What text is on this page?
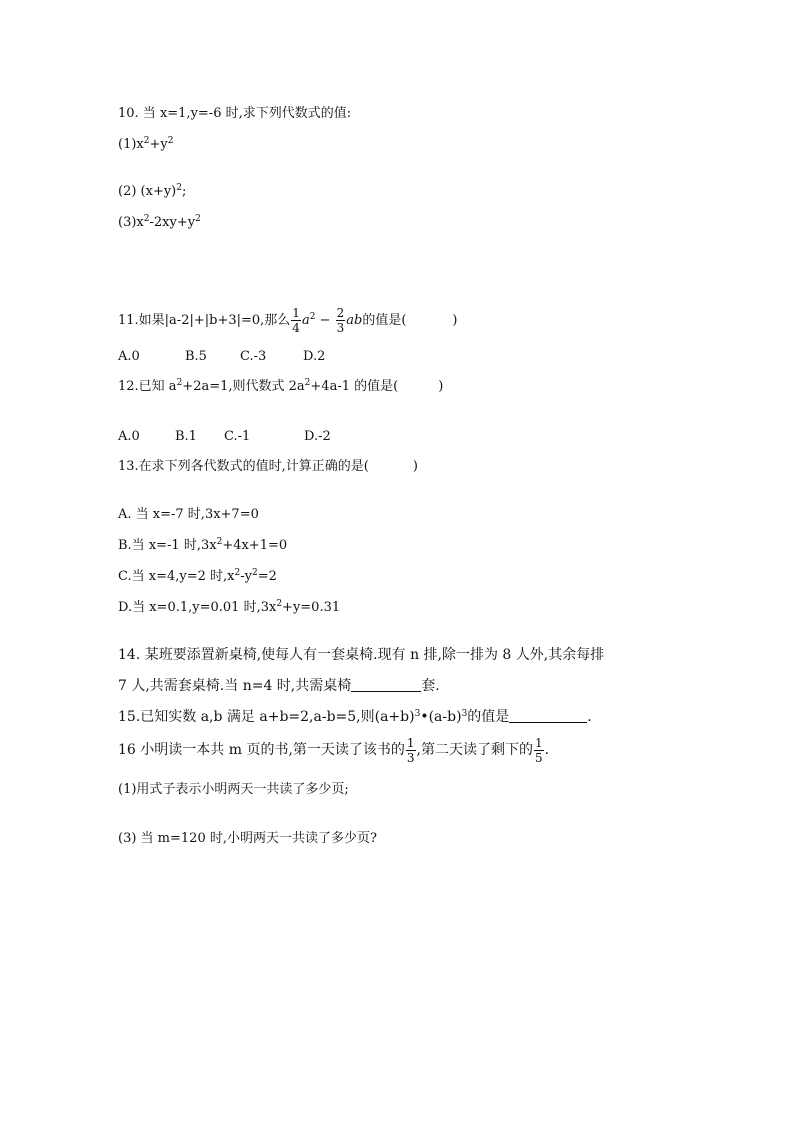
10. 当 x=1,y=-6 时,求下列代数式的值:
$(1)x^2+y^2$
(2) $(x+y)^2$;
$(3)x^2-2xy+y^2$
11.如果|a-2|+|b+3|=0,那么 $\frac{1}{4} a^2 - \frac{2}{3}$ ab的值是(	)
A.0	B.5	C.-3	D.2
12.已知 $a^2+2a=1$,则代数式 $2a^2+4a-1$ 的值是(	)
A.0	B.1 C.-1	D.-2
13.在求下列各代数式的值时,计算正确的是(	)
A. 当 x=-7 时,3x+7=0
B.当 x=-1 时$,3x^2+4x+1=0$
C.当 x=4,y=2 时$,x^2-y^2=2$
D.当 x=0.1,y=0.01 时$,3x^2+y=0.31$
14. 某班要添置新桌椅,使每人有一套桌椅.现有 n 排,除一排为 8 人外,其余每排
7 人,共需套桌椅.当 n=4 时,共需桌椅	套.
15.已知实数 a,b 满足 a+b=2,a-b=5,则$(a+b)^3•(a-b)^3$的值是	.
16 小明读一本共 m 页的书,第一天读了该书的 $\frac{1}{3}$ ,第二天读了剩下的 $\frac{1}{5}$ .
(1)用式子表示小明两天一共读了多少页;
(3) 当 m=120 时,小明两天一共读了多少页?
